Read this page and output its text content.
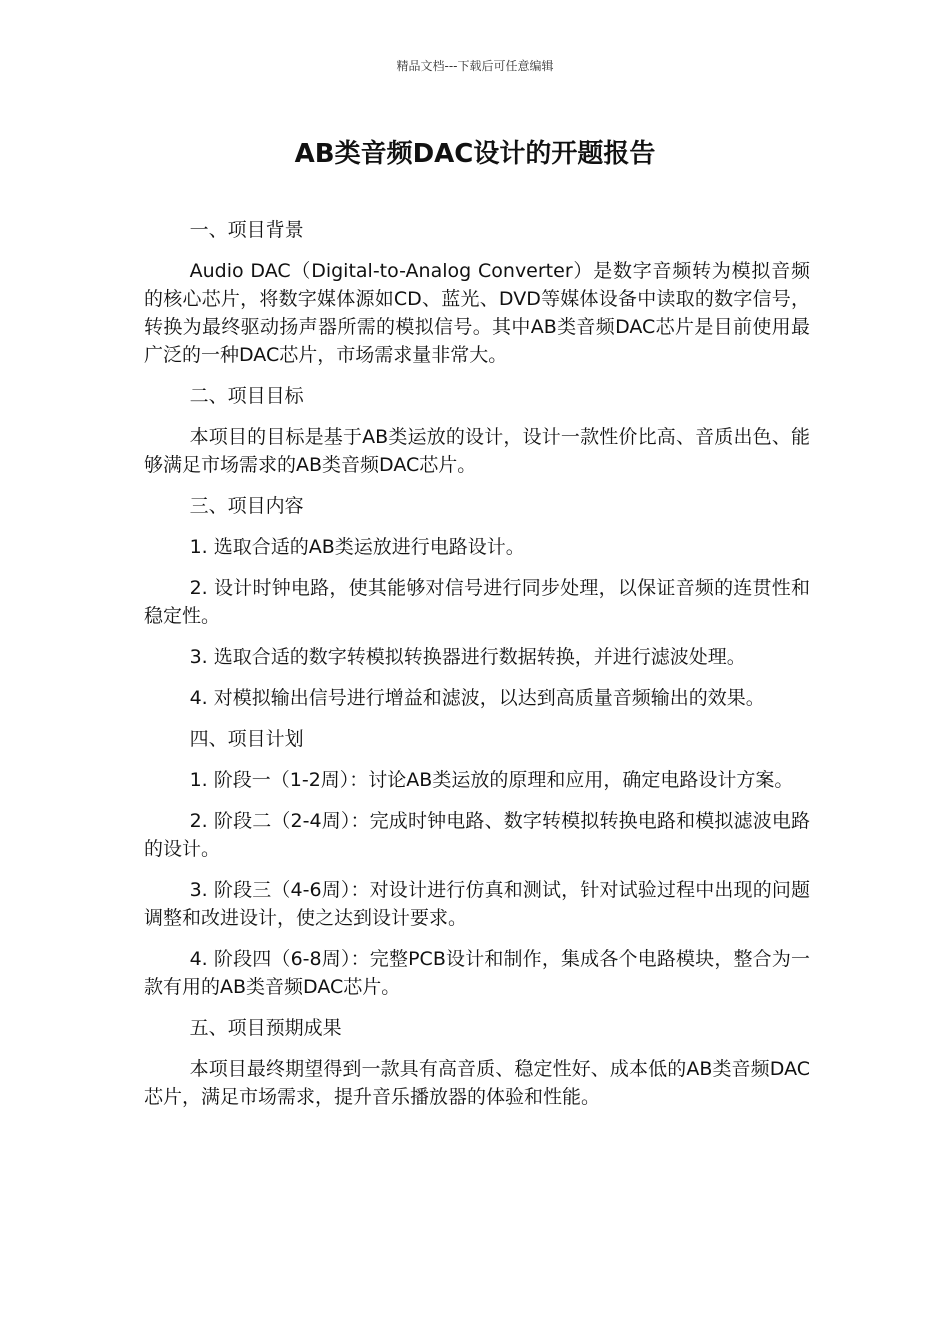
精品文档---下载后可任意编辑
AB类音频DAC设计的开题报告

一、项目背景

Audio DAC（Digital-to-Analog Converter）是数字音频转为模拟音频的核心芯片，将数字媒体源如CD、蓝光、DVD等媒体设备中读取的数字信号，转换为最终驱动扬声器所需的模拟信号。其中AB类音频DAC芯片是目前使用最广泛的一种DAC芯片，市场需求量非常大。

二、项目目标

本项目的目标是基于AB类运放的设计，设计一款性价比高、音质出色、能够满足市场需求的AB类音频DAC芯片。

三、项目内容

1. 选取合适的AB类运放进行电路设计。

2. 设计时钟电路，使其能够对信号进行同步处理，以保证音频的连贯性和稳定性。

3. 选取合适的数字转模拟转换器进行数据转换，并进行滤波处理。

4. 对模拟输出信号进行增益和滤波，以达到高质量音频输出的效果。

四、项目计划

1. 阶段一（1-2周）：讨论AB类运放的原理和应用，确定电路设计方案。

2. 阶段二（2-4周）：完成时钟电路、数字转模拟转换电路和模拟滤波电路的设计。

3. 阶段三（4-6周）：对设计进行仿真和测试，针对试验过程中出现的问题调整和改进设计，使之达到设计要求。

4. 阶段四（6-8周）：完整PCB设计和制作，集成各个电路模块，整合为一款有用的AB类音频DAC芯片。

五、项目预期成果

本项目最终期望得到一款具有高音质、稳定性好、成本低的AB类音频DAC芯片，满足市场需求，提升音乐播放器的体验和性能。
